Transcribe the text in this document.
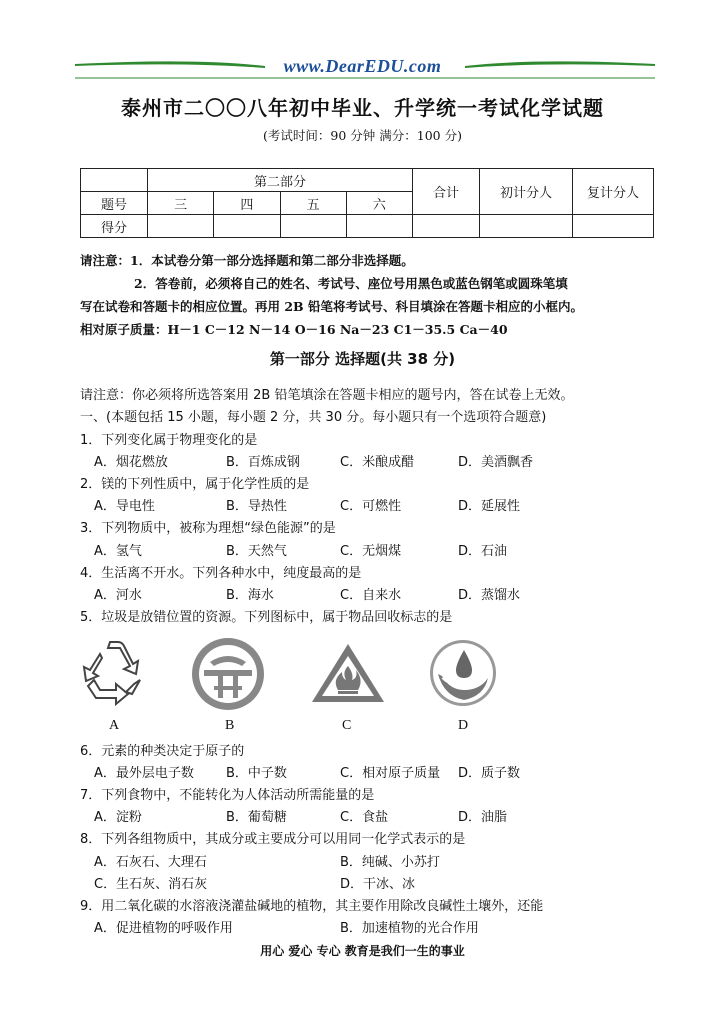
www.DearEDU.com
泰州市二〇〇八年初中毕业、升学统一考试化学试题
(考试时间：90 分钟 满分：100 分)
	第二部分				合计	初计分人	复计分人
题号	三	四	五	六			
得分							
请注意：1．本试卷分第一部分选择题和第二部分非选择题。
2．答卷前，必须将自己的姓名、考试号、座位号用黑色或蓝色钢笔或圆珠笔填
写在试卷和答题卡的相应位置。再用 2B 铅笔将考试号、科目填涂在答题卡相应的小框内。
相对原子质量：H－1 C－12 N－14 O－16 Na－23 C1－35.5 Ca－40
第一部分 选择题(共 38 分)
请注意：你必须将所选答案用 2B 铅笔填涂在答题卡相应的题号内，答在试卷上无效。
一、(本题包括 15 小题，每小题 2 分，共 30 分。每小题只有一个选项符合题意)
1．下列变化属于物理变化的是
A．烟花燃放	B．百炼成钢	C．米酿成醋	D．美酒飘香
2．镁的下列性质中，属于化学性质的是
A．导电性	B．导热性	C．可燃性	D．延展性
3．下列物质中，被称为理想“绿色能源”的是
A．氢气	B．天然气	C．无烟煤	D．石油
4．生活离不开水。下列各种水中，纯度最高的是
A．河水	B．海水	C．自来水	D．蒸馏水
5．垃圾是放错位置的资源。下列图标中，属于物品回收标志的是
A	B	C	D
6．元素的种类决定于原子的
A．最外层电子数 B．中子数	C．相对原子质量 D．质子数
7．下列食物中，不能转化为人体活动所需能量的是
A．淀粉	B．葡萄糖	C．食盐	D．油脂
8．下列各组物质中，其成分或主要成分可以用同一化学式表示的是
A．石灰石、大理石	B．纯碱、小苏打
C．生石灰、消石灰	D．干冰、冰
9．用二氧化碳的水溶液浇灌盐碱地的植物，其主要作用除改良碱性土壤外，还能
A．促进植物的呼吸作用	B．加速植物的光合作用
用心 爱心 专心 教育是我们一生的事业
